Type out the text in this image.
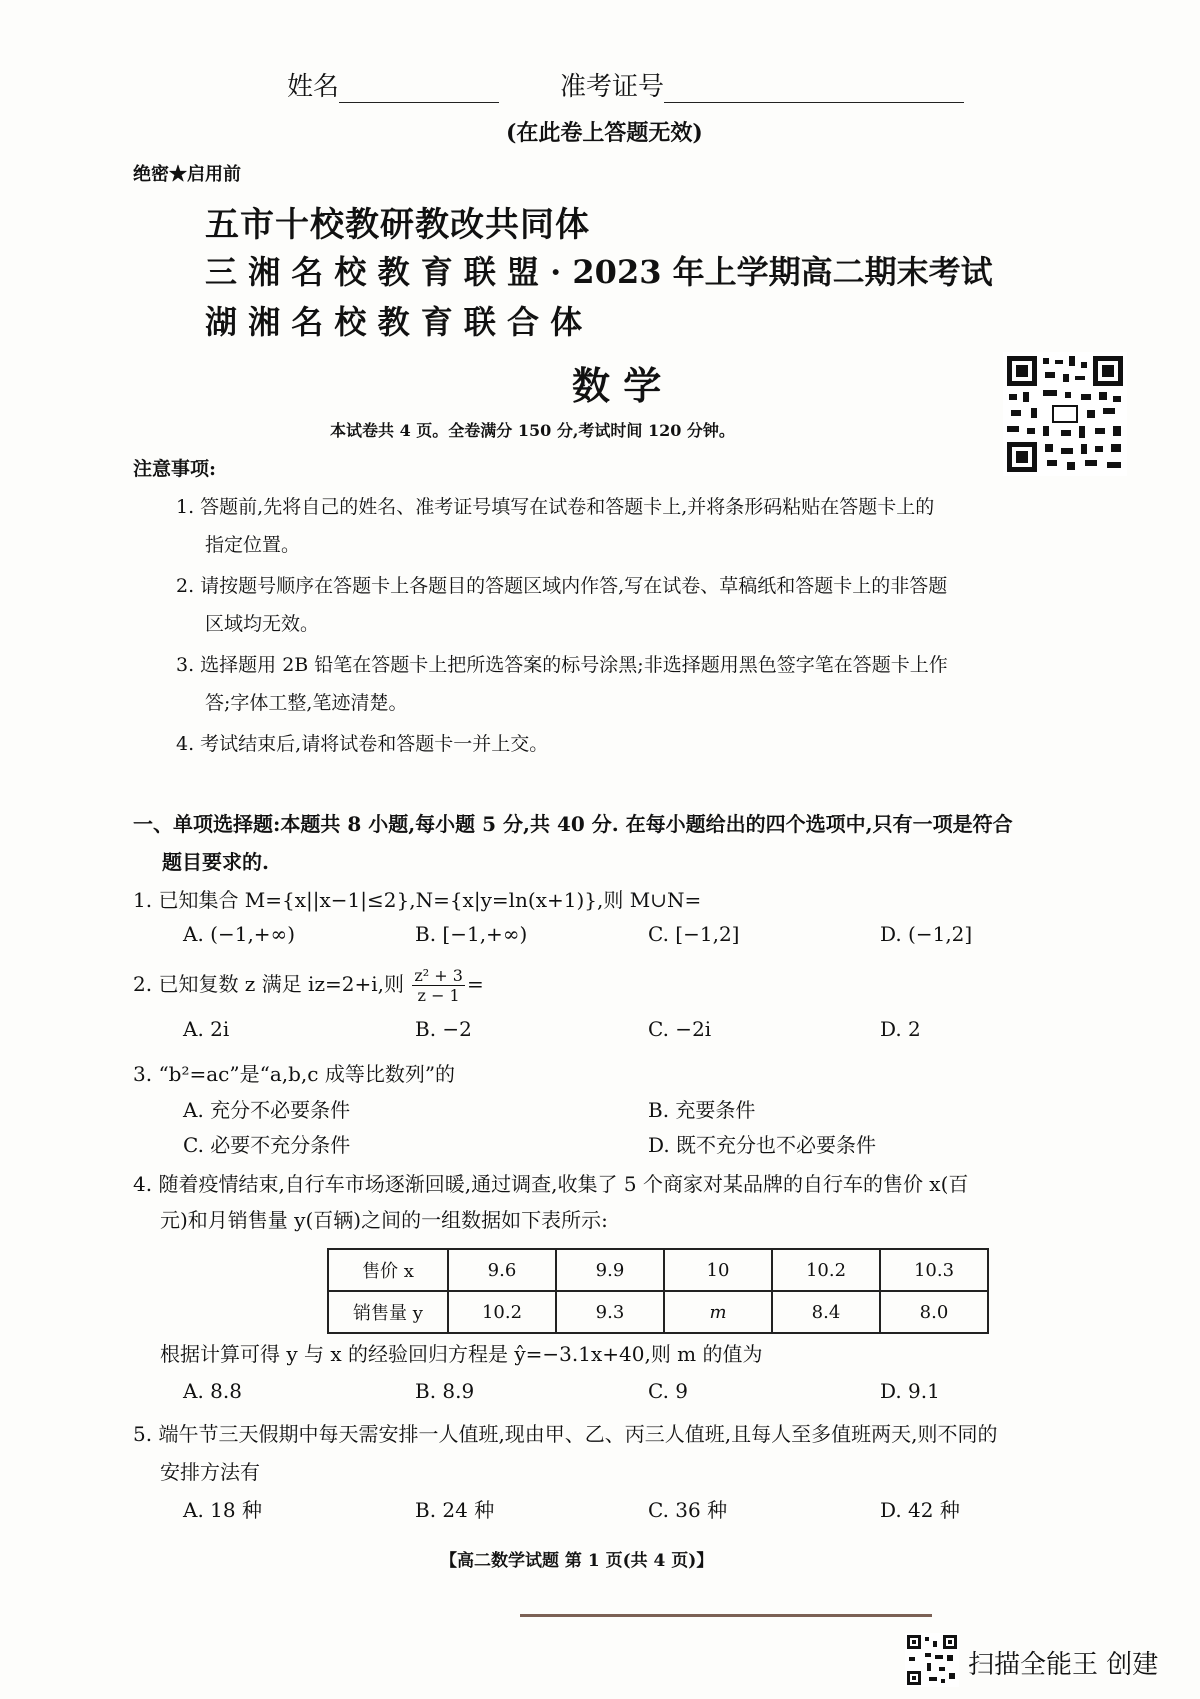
姓名	准考证号
(在此卷上答题无效)
绝密★启用前
五市十校教研教改共同体
三 湘 名 校 教 育 联 盟 · 2023 年上学期高二期末考试
湖 湘 名 校 教 育 联 合 体
数 学
本试卷共 4 页。全卷满分 150 分,考试时间 120 分钟。
注意事项:
1. 答题前,先将自己的姓名、准考证号填写在试卷和答题卡上,并将条形码粘贴在答题卡上的
指定位置。
2. 请按题号顺序在答题卡上各题目的答题区域内作答,写在试卷、草稿纸和答题卡上的非答题
区域均无效。
3. 选择题用 2B 铅笔在答题卡上把所选答案的标号涂黑;非选择题用黑色签字笔在答题卡上作
答;字体工整,笔迹清楚。
4. 考试结束后,请将试卷和答题卡一并上交。
一、单项选择题:本题共 8 小题,每小题 5 分,共 40 分. 在每小题给出的四个选项中,只有一项是符合
题目要求的.
1. 已知集合 M={x||x−1|≤2},N={x|y=ln(x+1)},则 M∪N=
A. (−1,+∞)	B. [−1,+∞)	C. [−1,2]	D. (−1,2]
2. 已知复数 z 满足 iz=2+i,则 $\frac{\text{z² + 3}}{z - 1}$ =
A. 2i	B. −2	C. −2i	D. 2
3. “b²=ac”是“a,b,c 成等比数列”的
A. 充分不必要条件	B. 充要条件
C. 必要不充分条件	D. 既不充分也不必要条件
4. 随着疫情结束,自行车市场逐渐回暖,通过调查,收集了 5 个商家对某品牌的自行车的售价 x(百
元)和月销售量 y(百辆)之间的一组数据如下表所示:
售价 x	9.6	9.9	10	10.2	10.3
销售量 y	10.2	9.3	m	8.4	8.0
根据计算可得 y 与 x 的经验回归方程是 ŷ=−3.1x+40,则 m 的值为
A. 8.8	B. 8.9	C. 9	D. 9.1
5. 端午节三天假期中每天需安排一人值班,现由甲、乙、丙三人值班,且每人至多值班两天,则不同的
安排方法有
A. 18 种	B. 24 种	C. 36 种	D. 42 种
【高二数学试题 第 1 页(共 4 页)】
扫描全能王 创建
